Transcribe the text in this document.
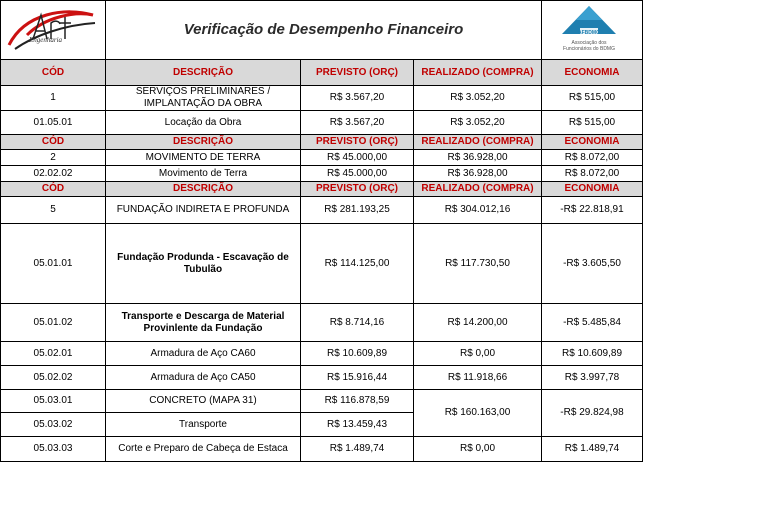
Engenharia	Verificação de Desempenho Financeiro			AFBDMG
Associação dos
Funcionários do BDMG

CÓD	DESCRIÇÃO	PREVISTO (ORÇ)	REALIZADO (COMPRA)	ECONOMIA
1	SERVIÇOS PRELIMINARES / IMPLANTAÇÃO DA OBRA	R$ 3.567,20	R$ 3.052,20	R$ 515,00
01.05.01	Locação da Obra	R$ 3.567,20	R$ 3.052,20	R$ 515,00
CÓD	DESCRIÇÃO	PREVISTO (ORÇ)	REALIZADO (COMPRA)	ECONOMIA
2	MOVIMENTO DE TERRA	R$ 45.000,00	R$ 36.928,00	R$ 8.072,00
02.02.02	Movimento de Terra	R$ 45.000,00	R$ 36.928,00	R$ 8.072,00
CÓD	DESCRIÇÃO	PREVISTO (ORÇ)	REALIZADO (COMPRA)	ECONOMIA
5	FUNDAÇÃO INDIRETA E PROFUNDA	R$ 281.193,25	R$ 304.012,16	-R$ 22.818,91
05.01.01	Fundação Produnda - Escavação de Tubulão	R$ 114.125,00	R$ 117.730,50	-R$ 3.605,50
05.01.02	Transporte e Descarga de Material Provinlente da Fundação	R$ 8.714,16	R$ 14.200,00	-R$ 5.485,84
05.02.01	Armadura de Aço CA60	R$ 10.609,89	R$ 0,00	R$ 10.609,89
05.02.02	Armadura de Aço CA50	R$ 15.916,44	R$ 11.918,66	R$ 3.997,78
05.03.01	CONCRETO (MAPA 31)	R$ 116.878,59	R$ 160.163,00	-R$ 29.824,98
05.03.02	Transporte	R$ 13.459,43		
05.03.03	Corte e Preparo de Cabeça de Estaca	R$ 1.489,74	R$ 0,00	R$ 1.489,74
